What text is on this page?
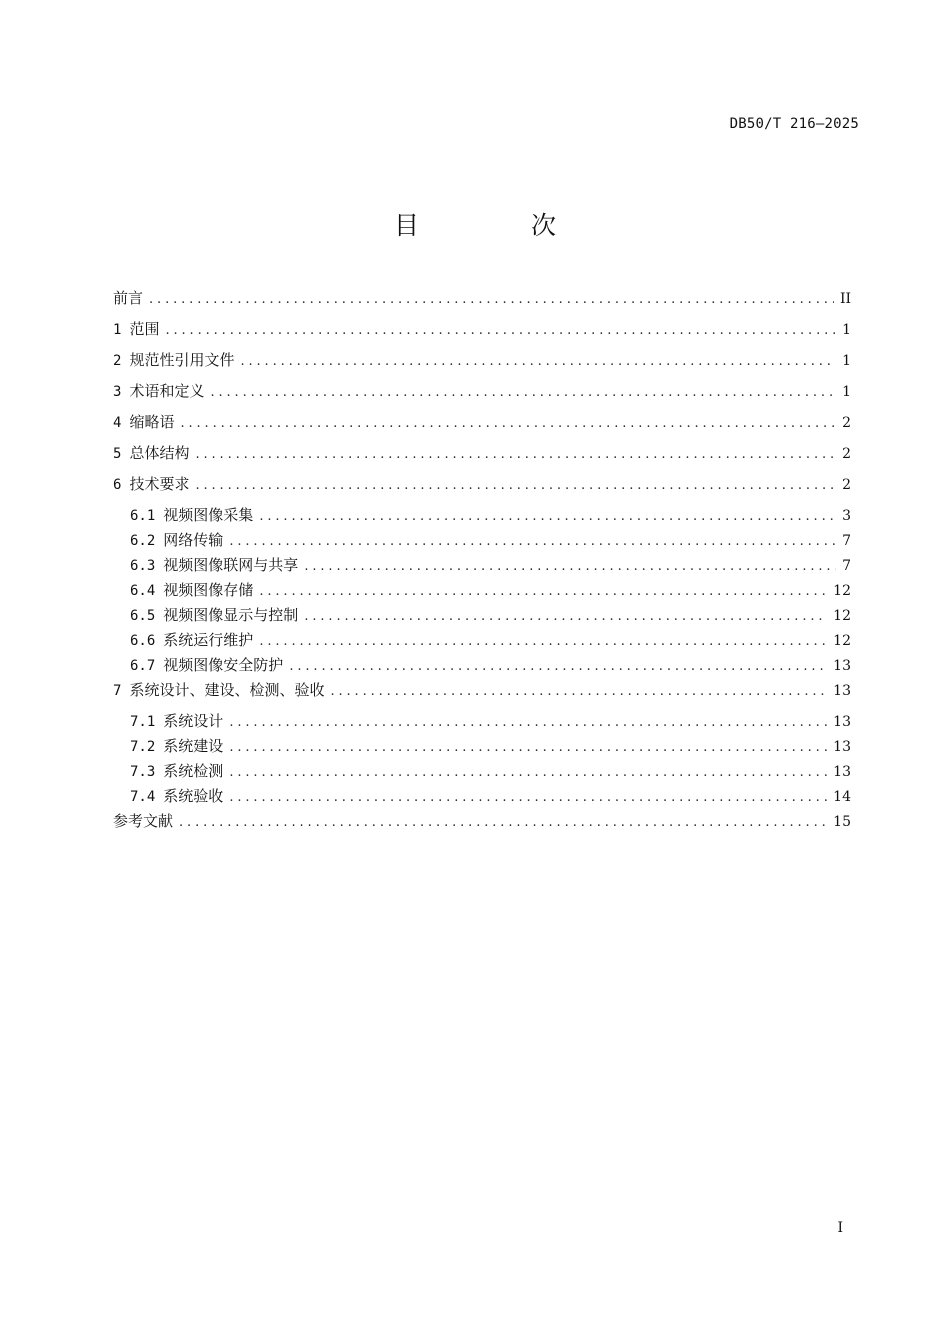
DB50/T 216—2025
目 次
前言 .....	II
1 范围 .....	1
2 规范性引用文件 .....	1
3 术语和定义 .....	1
4 缩略语 .....	2
5 总体结构 .....	2
6 技术要求 .....	2
6.1 视频图像采集 .....	3
6.2 网络传输 .....	7
6.3 视频图像联网与共享 .....	7
6.4 视频图像存储 .....	12
6.5 视频图像显示与控制 .....	12
6.6 系统运行维护 .....	12
6.7 视频图像安全防护 .....	13
7 系统设计、建设、检测、验收 .....	13
7.1 系统设计 .....	13
7.2 系统建设 .....	13
7.3 系统检测 .....	13
7.4 系统验收 .....	14
参考文献 .....	15
I
